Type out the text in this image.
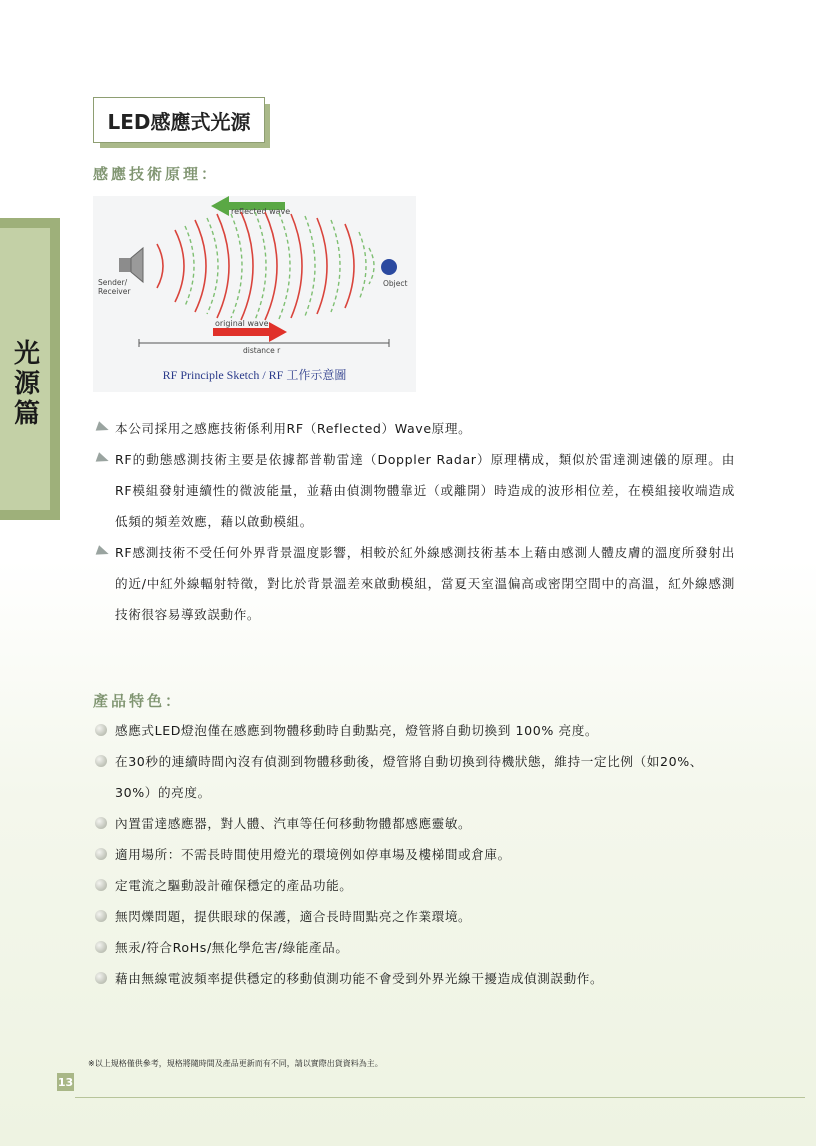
光源篇
LED感應式光源
感應技術原理：
reflected wave
Sender/
Receiver
Object
original wave
distance r
RF Principle Sketch / RF 工作示意圖
本公司採用之感應技術係利用RF（Reflected）Wave原理。
RF的動態感測技術主要是依據都普勒雷達（Doppler Radar）原理構成，類似於雷達測速儀的原理。由RF模組發射連續性的微波能量，並藉由偵測物體靠近（或離開）時造成的波形相位差，在模組接收端造成低頻的頻差效應，藉以啟動模組。
RF感測技術不受任何外界背景溫度影響，相較於紅外線感測技術基本上藉由感測人體皮膚的溫度所發射出的近/中紅外線輻射特徵，對比於背景溫差來啟動模組，當夏天室溫偏高或密閉空間中的高溫，紅外線感測技術很容易導致誤動作。
產品特色：
感應式LED燈泡僅在感應到物體移動時自動點亮，燈管將自動切換到 100% 亮度。
在30秒的連續時間內沒有偵測到物體移動後，燈管將自動切換到待機狀態，維持一定比例（如20%、30%）的亮度。
內置雷達感應器，對人體、汽車等任何移動物體都感應靈敏。
適用場所：不需長時間使用燈光的環境例如停車場及樓梯間或倉庫。
定電流之驅動設計確保穩定的產品功能。
無閃爍問題，提供眼球的保護，適合長時間點亮之作業環境。
無汞/符合RoHs/無化學危害/綠能產品。
藉由無線電波頻率提供穩定的移動偵測功能不會受到外界光線干擾造成偵測誤動作。
※以上規格僅供參考，規格將隨時間及產品更新而有不同，請以實際出貨資料為主。
13
